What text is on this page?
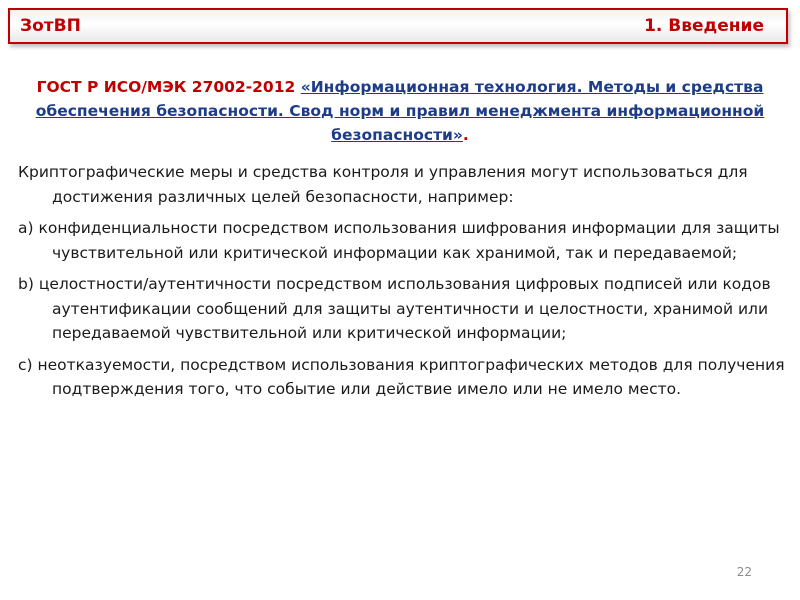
ЗотВП	1. Введение
ГОСТ Р ИСО/МЭК 27002-2012 «Информационная технология. Методы и средства обеспечения безопасности. Свод норм и правил менеджмента информационной безопасности».

Криптографические меры и средства контроля и управления могут использоваться для достижения различных целей безопасности, например:

a) конфиденциальности посредством использования шифрования информации для защиты чувствительной или критической информации как хранимой, так и передаваемой;

b) целостности/аутентичности посредством использования цифровых подписей или кодов аутентификации сообщений для защиты аутентичности и целостности, хранимой или передаваемой чувствительной или критической информации;

c) неотказуемости, посредством использования криптографических методов для получения подтверждения того, что событие или действие имело или не имело место.

22
